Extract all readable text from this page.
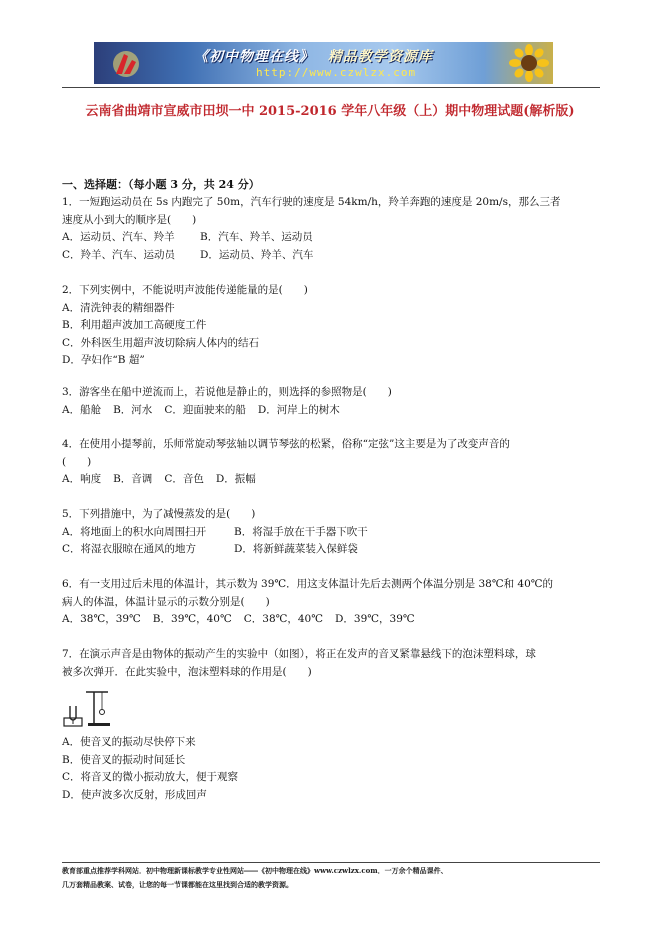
《初中物理在线》 精品教学资源库
http://www.czwlzx.com
云南省曲靖市宣威市田坝一中 2015-2016 学年八年级（上）期中物理试题(解析版)
一、选择题：（每小题 3 分，共 24 分）

1．一短跑运动员在 5s 内跑完了 50m，汽车行驶的速度是 54km/h，羚羊奔跑的速度是 20m/s，那么三者

速度从小到大的顺序是(　　)

A．运动员、汽车、羚羊	B．汽车、羚羊、运动员

C．羚羊、汽车、运动员	D．运动员、羚羊、汽车

2．下列实例中，不能说明声波能传递能量的是(　　)

A．清洗钟表的精细器件

B．利用超声波加工高硬度工件

C．外科医生用超声波切除病人体内的结石

D．孕妇作“B 超”

3．游客坐在船中逆流而上，若说他是静止的，则选择的参照物是(　　)

A．船舱 B．河水 C．迎面驶来的船 D．河岸上的树木

4．在使用小提琴前，乐师常旋动琴弦轴以调节琴弦的松紧，俗称“定弦”这主要是为了改变声音的

(　　)

A．响度 B．音调 C．音色 D．振幅

5．下列措施中，为了减慢蒸发的是(　　)

A．将地面上的积水向周围扫开	B．将湿手放在干手器下吹干

C．将湿衣服晾在通风的地方	D．将新鲜蔬菜装入保鲜袋

6．有一支用过后未甩的体温计，其示数为 39℃．用这支体温计先后去测两个体温分别是 38℃和 40℃的

病人的体温，体温计显示的示数分别是(　　)

A．38℃，39℃ B．39℃，40℃ C．38℃，40℃ D．39℃，39℃

7．在演示声音是由物体的振动产生的实验中（如图），将正在发声的音叉紧靠悬线下的泡沫塑料球，球

被多次弹开．在此实验中，泡沫塑料球的作用是(　　)

A．使音叉的振动尽快停下来

B．使音叉的振动时间延长

C．将音叉的微小振动放大，便于观察

D．使声波多次反射，形成回声

教育部重点推荐学科网站．初中物理新课标教学专业性网站――《初中物理在线》www.czwlzx.com．一万余个精品课件、

几万套精品教案、试卷，让您的每一节课都能在这里找到合适的教学资源。
